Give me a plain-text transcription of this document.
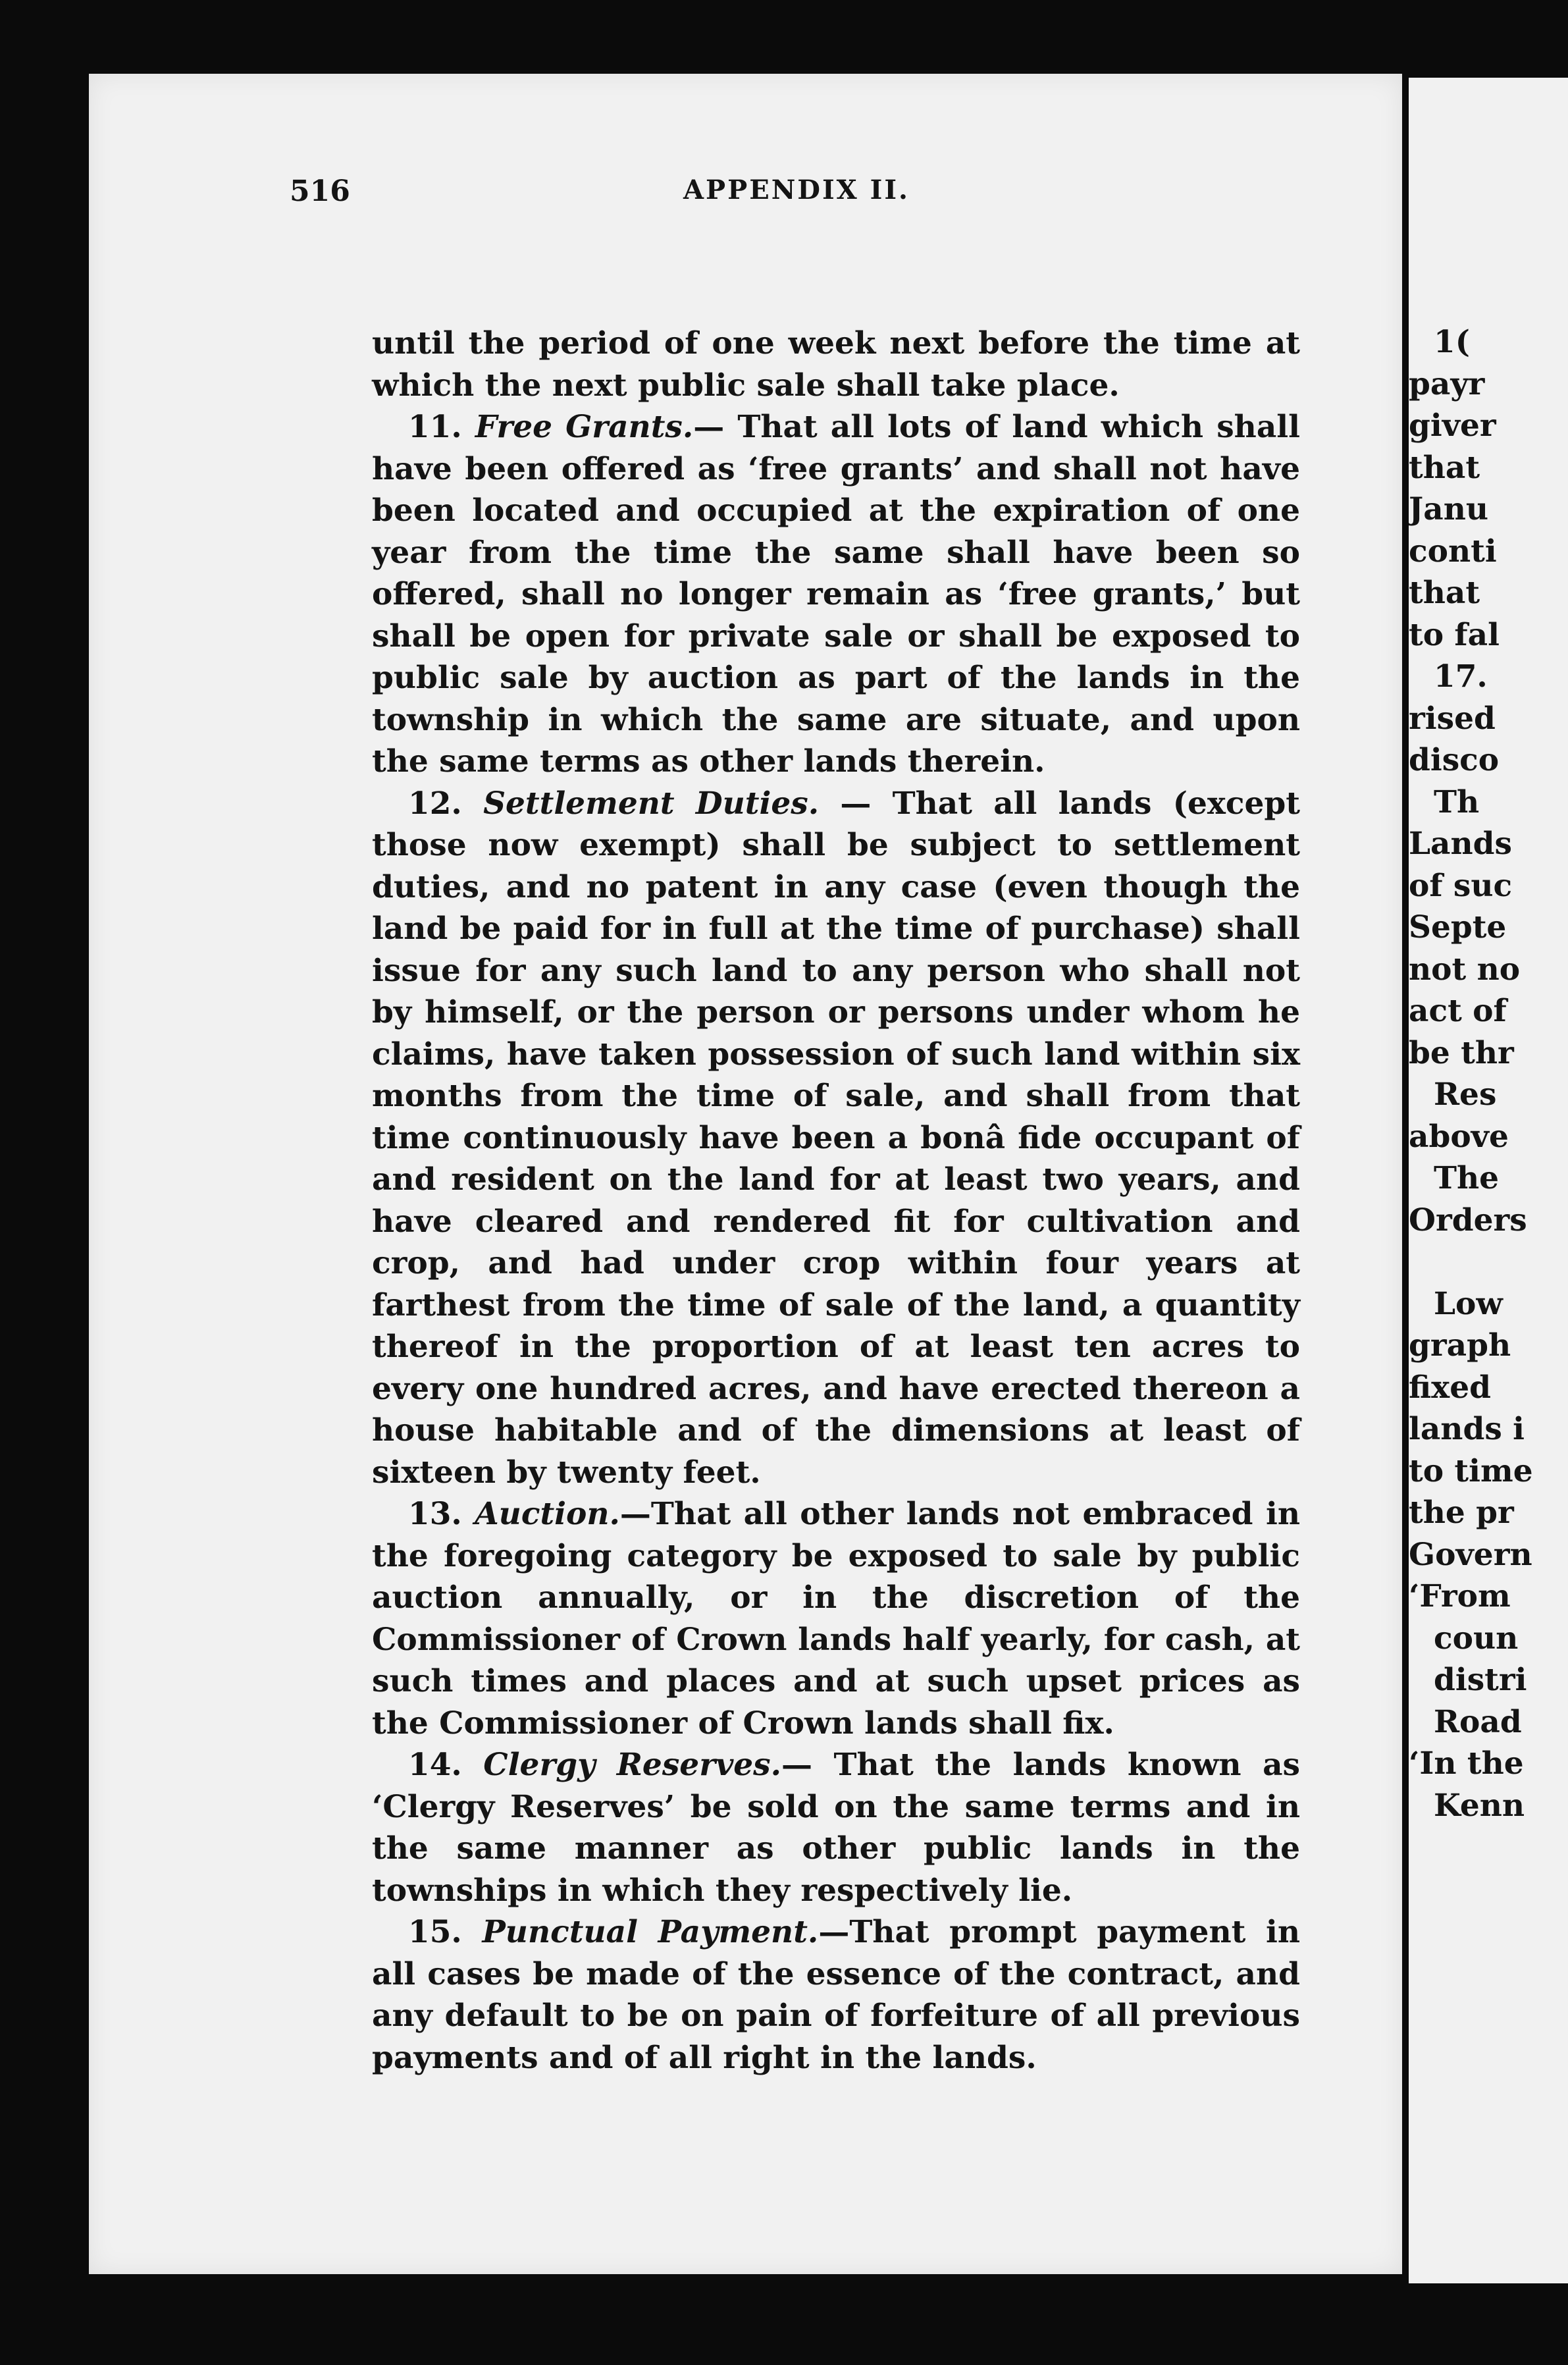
516	APPENDIX II.

until the period of one week next before the time at which the next public sale shall take place.

11. Free Grants.— That all lots of land which shall have been offered as ‘free grants’ and shall not have been located and occupied at the expiration of one year from the time the same shall have been so offered, shall no longer remain as ‘free grants,’ but shall be open for private sale or shall be exposed to public sale by auction as part of the lands in the township in which the same are situate, and upon the same terms as other lands therein.

12. Settlement Duties. — That all lands (except those now exempt) shall be subject to settlement duties, and no patent in any case (even though the land be paid for in full at the time of purchase) shall issue for any such land to any person who shall not by himself, or the person or persons under whom he claims, have taken possession of such land within six months from the time of sale, and shall from that time continuously have been a bonâ fide occupant of and resident on the land for at least two years, and have cleared and rendered fit for cultivation and crop, and had under crop within four years at farthest from the time of sale of the land, a quantity thereof in the proportion of at least ten acres to every one hundred acres, and have erected thereon a house habitable and of the dimensions at least of sixteen by twenty feet.

13. Auction.—That all other lands not embraced in the foregoing category be exposed to sale by public auction annually, or in the discretion of the Commissioner of Crown lands half yearly, for cash, at such times and places and at such upset prices as the Commissioner of Crown lands shall fix.

14. Clergy Reserves.— That the lands known as ‘Clergy Reserves’ be sold on the same terms and in the same manner as other public lands in the townships in which they respectively lie.

15. Punctual Payment.—That prompt payment in all cases be made of the essence of the contract, and any default to be on pain of forfeiture of all previous payments and of all right in the lands.

1(
payr
giver
that
Janu
conti
that
to fal
17.
rised
disco
Th
Lands
of suc
Septe
not no
act of
be thr
Res
above
The
Orders
Low
graph
fixed
lands i
to time
the pr
Govern
‘From
coun
distri
Road
‘In the
Kenn
